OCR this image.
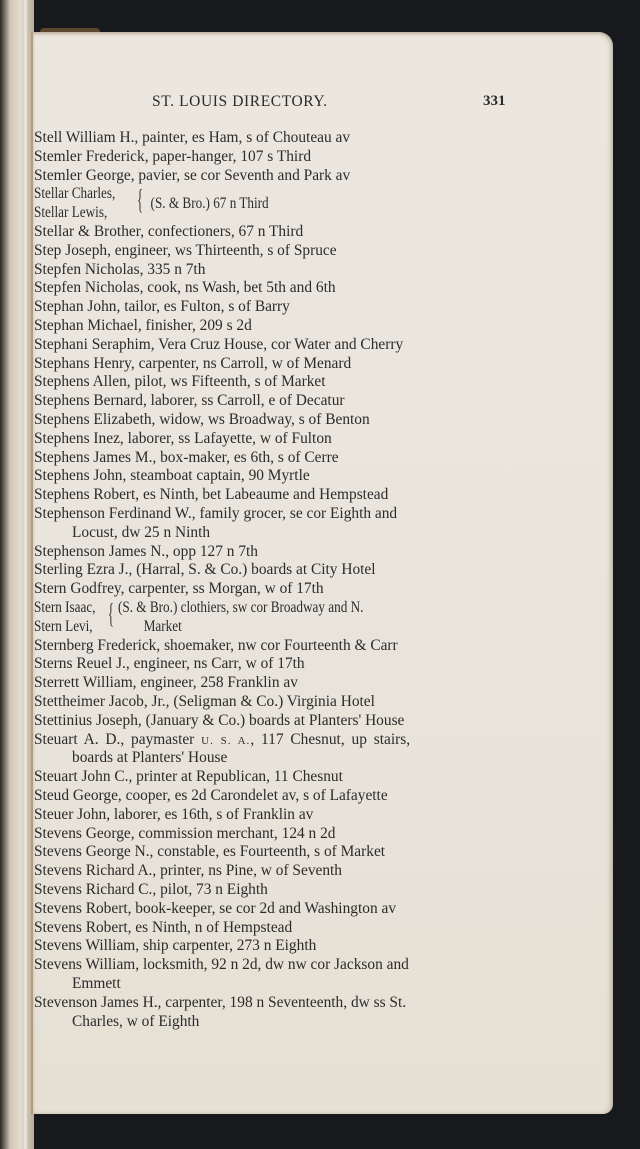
ST. LOUIS DIRECTORY.	331
Stell William H., painter, es Ham, s of Chouteau av
Stemler Frederick, paper-hanger, 107 s Third
Stemler George, pavier, se cor Seventh and Park av
Stellar Charles,
Stellar Lewis, { (S. & Bro.) 67 n Third
Stellar & Brother, confectioners, 67 n Third
Step Joseph, engineer, ws Thirteenth, s of Spruce
Stepfen Nicholas, 335 n 7th
Stepfen Nicholas, cook, ns Wash, bet 5th and 6th
Stephan John, tailor, es Fulton, s of Barry
Stephan Michael, finisher, 209 s 2d
Stephani Seraphim, Vera Cruz House, cor Water and Cherry
Stephans Henry, carpenter, ns Carroll, w of Menard
Stephens Allen, pilot, ws Fifteenth, s of Market
Stephens Bernard, laborer, ss Carroll, e of Decatur
Stephens Elizabeth, widow, ws Broadway, s of Benton
Stephens Inez, laborer, ss Lafayette, w of Fulton
Stephens James M., box-maker, es 6th, s of Cerre
Stephens John, steamboat captain, 90 Myrtle
Stephens Robert, es Ninth, bet Labeaume and Hempstead
Stephenson Ferdinand W., family grocer, se cor Eighth and
Locust, dw 25 n Ninth
Stephenson James N., opp 127 n 7th
Sterling Ezra J., (Harral, S. & Co.) boards at City Hotel
Stern Godfrey, carpenter, ss Morgan, w of 17th
Stern Isaac,
Stern Levi, { (S. & Bro.) clothiers, sw cor Broadway and N.
Market
Sternberg Frederick, shoemaker, nw cor Fourteenth & Carr
Sterns Reuel J., engineer, ns Carr, w of 17th
Sterrett William, engineer, 258 Franklin av
Stettheimer Jacob, Jr., (Seligman & Co.) Virginia Hotel
Stettinius Joseph, (January & Co.) boards at Planters' House
Steuart A. D., paymaster U. S. A., 117 Chesnut, up stairs,
boards at Planters' House
Steuart John C., printer at Republican, 11 Chesnut
Steud George, cooper, es 2d Carondelet av, s of Lafayette
Steuer John, laborer, es 16th, s of Franklin av
Stevens George, commission merchant, 124 n 2d
Stevens George N., constable, es Fourteenth, s of Market
Stevens Richard A., printer, ns Pine, w of Seventh
Stevens Richard C., pilot, 73 n Eighth
Stevens Robert, book-keeper, se cor 2d and Washington av
Stevens Robert, es Ninth, n of Hempstead
Stevens William, ship carpenter, 273 n Eighth
Stevens William, locksmith, 92 n 2d, dw nw cor Jackson and
Emmett
Stevenson James H., carpenter, 198 n Seventeenth, dw ss St.
Charles, w of Eighth
